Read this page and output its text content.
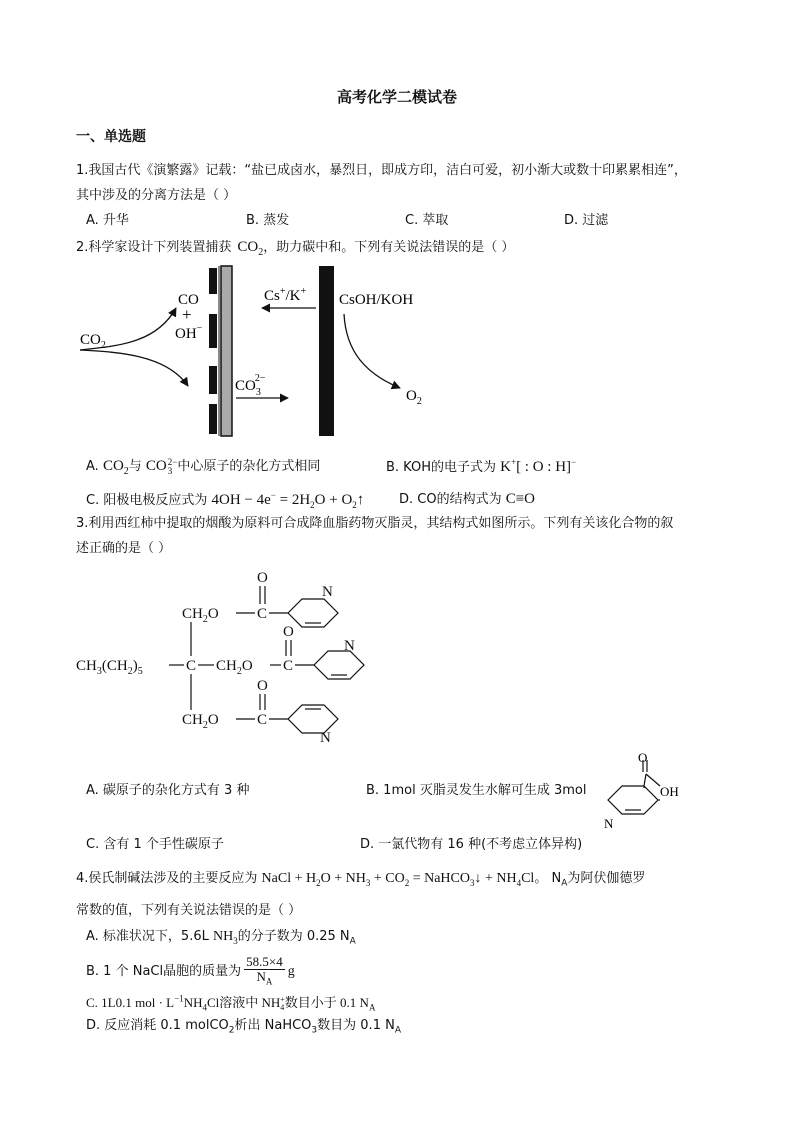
高考化学二模试卷
一、单选题
1.我国古代《演繁露》记载：“盐已成卤水，暴烈日，即成方印，洁白可爱，初小渐大或数十印累累相连”，
其中涉及的分离方法是（ ）
A. 升华	B. 蒸发	C. 萃取	D. 过滤
2.科学家设计下列装置捕获 $CO_2$，助力碳中和。下列有关说法错误的是（ ）
CO
+
OH−
$CO_2$
$CO_32-$
Cs+/K+
CsOH/KOH
$O_2$
A. $CO_2$与 CO 2−
3 中心原子的杂化方式相同	B. KOH的电子式为 K+[ : O : H]−
C. 阳极电极反应式为 $4OH - 4e^- = 2H_2O$ + $O_2↑$	D. CO的结构式为 C≡O
3.利用西红柿中提取的烟酸为原料可合成降血脂药物灭脂灵，其结构式如图所示。下列有关该化合物的叙
述正确的是（ ）
$CH_2O$	C
O
N
$CH_3(CH_2)_5$	C $CH_2O$ C
O
N
$CH_2O$	C
O
N
A. 碳原子的杂化方式有 3 种	B. 1mol 灭脂灵发生水解可生成 3mol
O
OH
N
C. 含有 1 个手性碳原子	D. 一氯代物有 16 种(不考虑立体异构)
4.侯氏制碱法涉及的主要反应为 NaCl + $H_2O + NH_3 + CO_2$ = NaHCO$_3$↓ + $NH_4Cl$。 $N_A$为阿伏伽德罗
常数的值，下列有关说法错误的是（ ）
A. 标准状况下，5.6L $NH_3$的分子数为 0.25 $N_A$
B. 1 个 NaCl晶胞的质量为 $\frac{58.5\times 4}{N_A}$ g
C. 1L0.1 mol · $L^{-1}NH_4Cl$溶液中 NH +
4 数目小于 0.1 $N_A$
D. 反应消耗 0.1 molCO$_2$析出 NaHCO$_3$数目为 0.1 $N_A$
